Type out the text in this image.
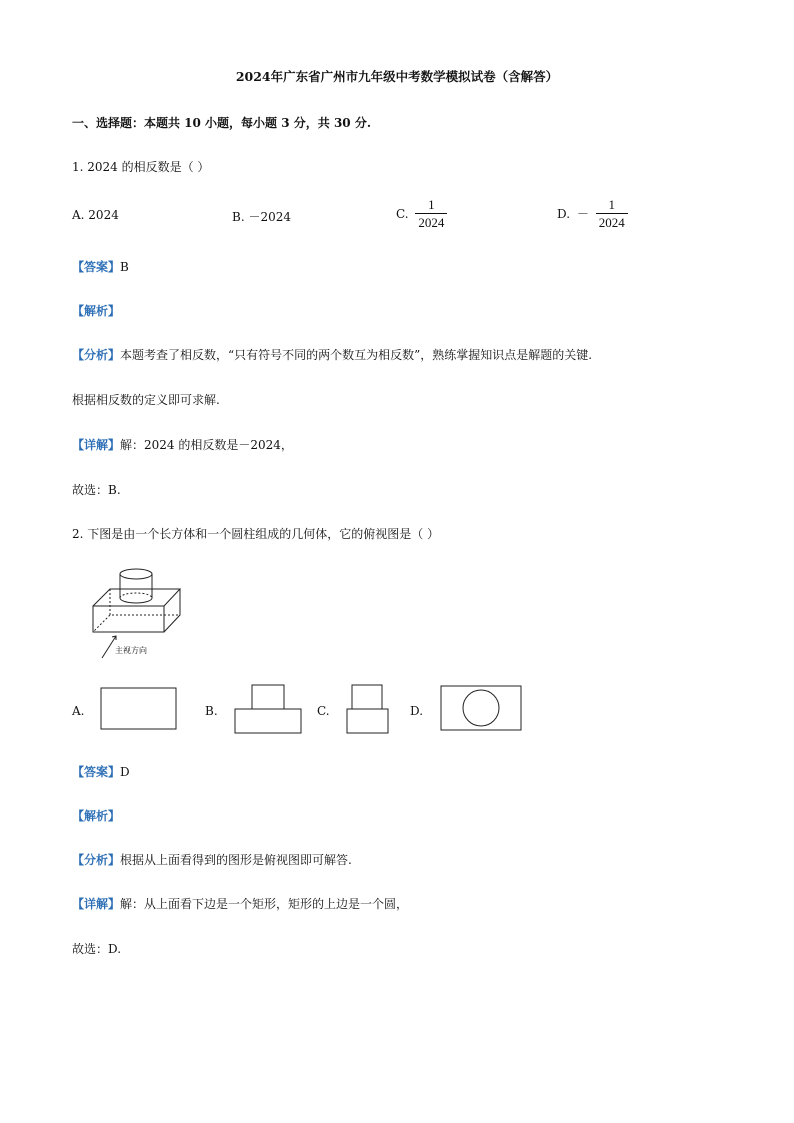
2024年广东省广州市九年级中考数学模拟试卷（含解答）
一、选择题：本题共 10 小题，每小题 3 分，共 30 分.
1. 2024 的相反数是（ ）
A. 2024	B. －2024	C. $\frac{1}{2024}$	D. － $\frac{1}{2024}$
【答案】B
【解析】
【分析】本题考查了相反数，“只有符号不同的两个数互为相反数”，熟练掌握知识点是解题的关键.
根据相反数的定义即可求解.
【详解】解：2024 的相反数是－2024，
故选：B.
2. 下图是由一个长方体和一个圆柱组成的几何体，它的俯视图是（ ）
主视方向
A.	B.	C.	D.
【答案】D
【解析】
【分析】根据从上面看得到的图形是俯视图即可解答.
【详解】解：从上面看下边是一个矩形，矩形的上边是一个圆，
故选：D.
